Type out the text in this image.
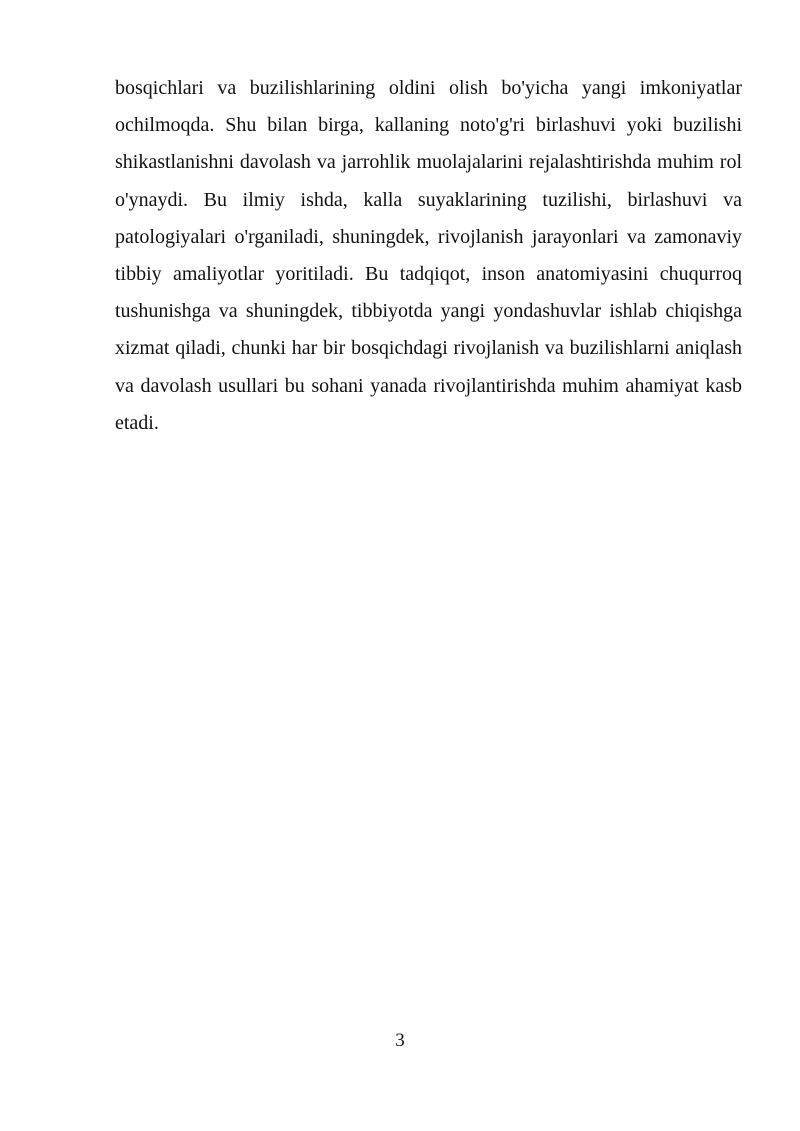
bosqichlari va buzilishlarining oldini olish bo'yicha yangi imkoniyatlar ochilmoqda. Shu bilan birga, kallaning noto'g'ri birlashuvi yoki buzilishi shikastlanishni davolash va jarrohlik muolajalarini rejalashtirishda muhim rol o'ynaydi. Bu ilmiy ishda, kalla suyaklarining tuzilishi, birlashuvi va patologiyalari o'rganiladi, shuningdek, rivojlanish jarayonlari va zamonaviy tibbiy amaliyotlar yoritiladi. Bu tadqiqot, inson anatomiyasini chuqurroq tushunishga va shuningdek, tibbiyotda yangi yondashuvlar ishlab chiqishga xizmat qiladi, chunki har bir bosqichdagi rivojlanish va buzilishlarni aniqlash va davolash usullari bu sohani yanada rivojlantirishda muhim ahamiyat kasb etadi.

3
